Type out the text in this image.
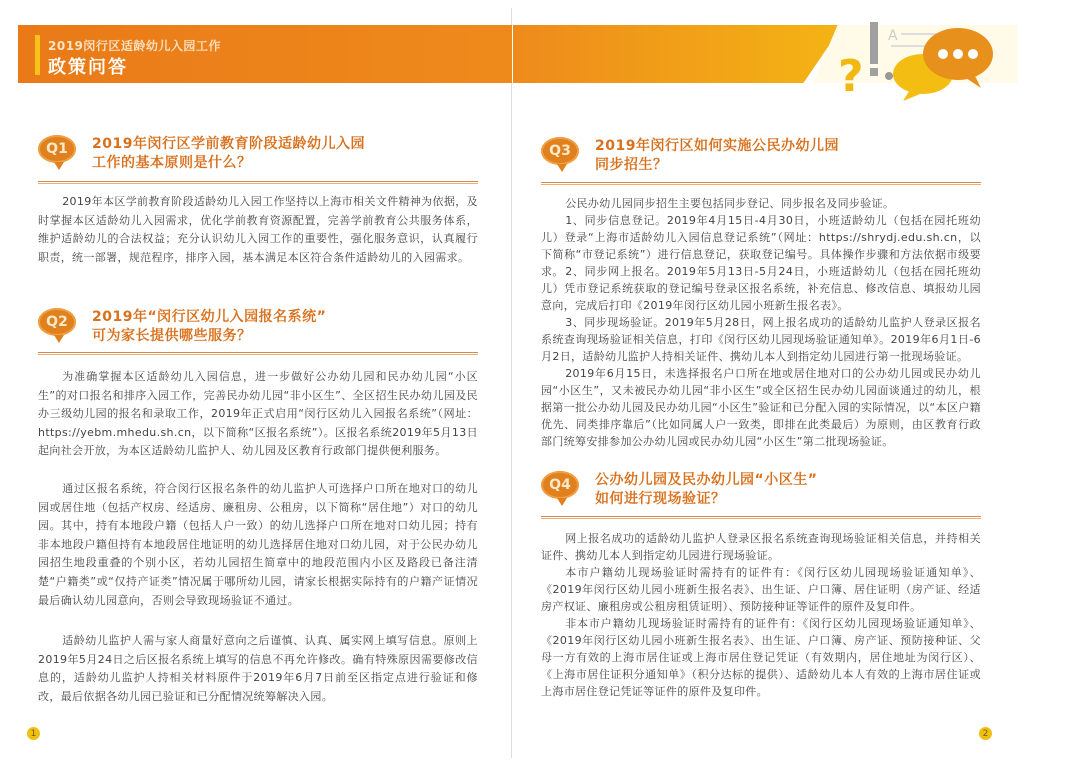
2019闵行区适龄幼儿入园工作
政策问答
Q1	2019年闵行区学前教育阶段适龄幼儿入园
工作的基本原则是什么？
2019年本区学前教育阶段适龄幼儿入园工作坚持以上海市相关文件精神为依据，及时掌握本区适龄幼儿入园需求，优化学前教育资源配置，完善学前教育公共服务体系，维护适龄幼儿的合法权益；充分认识幼儿入园工作的重要性，强化服务意识，认真履行职责，统一部署，规范程序，排序入园，基本满足本区符合条件适龄幼儿的入园需求。
Q2	2019年“闵行区幼儿入园报名系统”
可为家长提供哪些服务？
为准确掌握本区适龄幼儿入园信息，进一步做好公办幼儿园和民办幼儿园“小区生”的对口报名和排序入园工作，完善民办幼儿园“非小区生”、全区招生民办幼儿园及民办三级幼儿园的报名和录取工作，2019年正式启用“闵行区幼儿入园报名系统”（网址：https://yebm.mhedu.sh.cn，以下简称“区报名系统”）。区报名系统2019年5月13日起向社会开放，为本区适龄幼儿监护人、幼儿园及区教育行政部门提供便利服务。
通过区报名系统，符合闵行区报名条件的幼儿监护人可选择户口所在地对口的幼儿园或居住地（包括产权房、经适房、廉租房、公租房，以下简称“居住地”）对口的幼儿园。其中，持有本地段户籍（包括人户一致）的幼儿选择户口所在地对口幼儿园；持有非本地段户籍但持有本地段居住地证明的幼儿选择居住地对口幼儿园，对于公民办幼儿园招生地段重叠的个别小区，若幼儿园招生简章中的地段范围内小区及路段已备注清楚“户籍类”或“仅持产证类”情况属于哪所幼儿园，请家长根据实际持有的户籍产证情况最后确认幼儿园意向，否则会导致现场验证不通过。
适龄幼儿监护人需与家人商量好意向之后谨慎、认真、属实网上填写信息。原则上2019年5月24日之后区报名系统上填写的信息不再允许修改。确有特殊原因需要修改信息的，适龄幼儿监护人持相关材料原件于2019年6月7日前至区指定点进行验证和修改，最后依据各幼儿园已验证和已分配情况统筹解决入园。
1
?
A
Q3	2019年闵行区如何实施公民办幼儿园
同步招生？
公民办幼儿园同步招生主要包括同步登记、同步报名及同步验证。
1、同步信息登记。2019年4月15日-4月30日，小班适龄幼儿（包括在园托班幼儿）登录“上海市适龄幼儿入园信息登记系统”（网址：https://shrydj.edu.sh.cn，以下简称“市登记系统”）进行信息登记，获取登记编号。具体操作步骤和方法依据市级要求。 2、同步网上报名。2019年5月13日-5月24日，小班适龄幼儿（包括在园托班幼儿）凭市登记系统获取的登记编号登录区报名系统，补充信息、修改信息、填报幼儿园意向，完成后打印《2019年闵行区幼儿园小班新生报名表》。
3、同步现场验证。2019年5月28日，网上报名成功的适龄幼儿监护人登录区报名系统查询现场验证相关信息，打印《闵行区幼儿园现场验证通知单》。2019年6月1日-6月2日，适龄幼儿监护人持相关证件、携幼儿本人到指定幼儿园进行第一批现场验证。
2019年6月15日，未选择报名户口所在地或居住地对口的公办幼儿园或民办幼儿园“小区生”，又未被民办幼儿园“非小区生”或全区招生民办幼儿园面谈通过的幼儿，根据第一批公办幼儿园及民办幼儿园“小区生”验证和已分配入园的实际情况，以“本区户籍优先、同类排序靠后”（比如同属人户一致类，即排在此类最后）为原则，由区教育行政部门统筹安排参加公办幼儿园或民办幼儿园“小区生”第二批现场验证。
Q4	公办幼儿园及民办幼儿园“小区生”
如何进行现场验证？
网上报名成功的适龄幼儿监护人登录区报名系统查询现场验证相关信息，并持相关证件、携幼儿本人到指定幼儿园进行现场验证。
本市户籍幼儿现场验证时需持有的证件有：《闵行区幼儿园现场验证通知单》、《2019年闵行区幼儿园小班新生报名表》、出生证、户口簿、居住证明（房产证、经适房产权证、廉租房或公租房租赁证明）、预防接种证等证件的原件及复印件。
非本市户籍幼儿现场验证时需持有的证件有：《闵行区幼儿园现场验证通知单》、《2019年闵行区幼儿园小班新生报名表》、出生证、户口簿、房产证、预防接种证、父母一方有效的上海市居住证或上海市居住登记凭证（有效期内，居住地址为闵行区）、《上海市居住证积分通知单》（积分达标的提供）、适龄幼儿本人有效的上海市居住证或上海市居住登记凭证等证件的原件及复印件。
2
